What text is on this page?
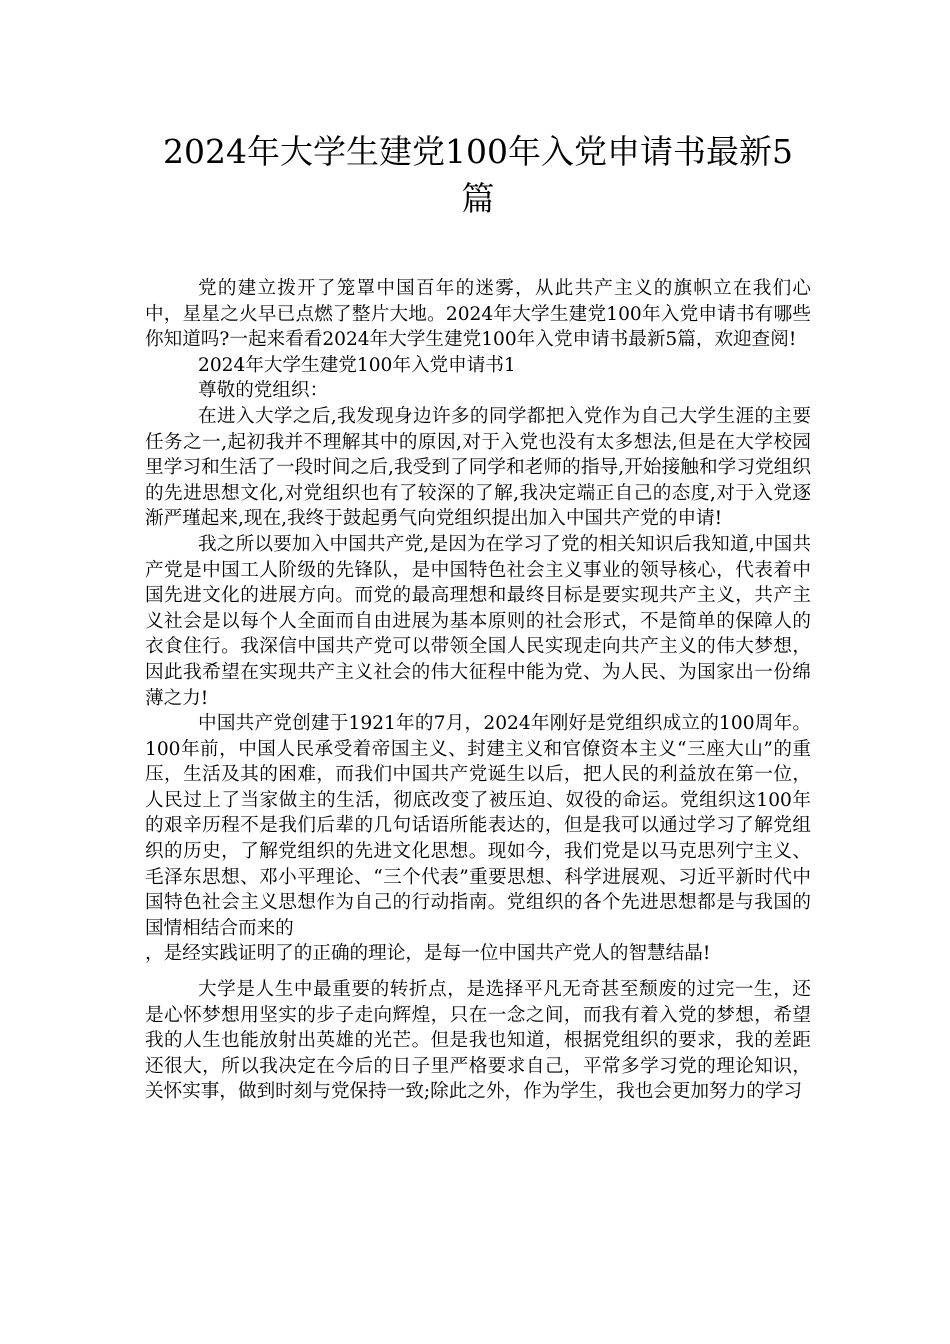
2024年大学生建党100年入党申请书最新5
篇

党的建立拨开了笼罩中国百年的迷雾，从此共产主义的旗帜立在我们心中，星星之火早已点燃了整片大地。2024年大学生建党100年入党申请书有哪些你知道吗?一起来看看2024年大学生建党100年入党申请书最新5篇，欢迎查阅!

2024年大学生建党100年入党申请书1

尊敬的党组织：

在进入大学之后,我发现身边许多的同学都把入党作为自己大学生涯的主要任务之一,起初我并不理解其中的原因,对于入党也没有太多想法,但是在大学校园里学习和生活了一段时间之后,我受到了同学和老师的指导,开始接触和学习党组织的先进思想文化,对党组织也有了较深的了解,我决定端正自己的态度,对于入党逐渐严瑾起来,现在,我终于鼓起勇气向党组织提出加入中国共产党的申请!

我之所以要加入中国共产党,是因为在学习了党的相关知识后我知道,中国共产党是中国工人阶级的先锋队，是中国特色社会主义事业的领导核心，代表着中国先进文化的进展方向。而党的最高理想和最终目标是要实现共产主义，共产主义社会是以每个人全面而自由进展为基本原则的社会形式，不是简单的保障人的衣食住行。我深信中国共产党可以带领全国人民实现走向共产主义的伟大梦想，因此我希望在实现共产主义社会的伟大征程中能为党、为人民、为国家出一份绵薄之力!

中国共产党创建于1921年的7月，2024年刚好是党组织成立的100周年。100年前，中国人民承受着帝国主义、封建主义和官僚资本主义“三座大山”的重压，生活及其的困难，而我们中国共产党诞生以后，把人民的利益放在第一位，人民过上了当家做主的生活，彻底改变了被压迫、奴役的命运。党组织这100年的艰辛历程不是我们后辈的几句话语所能表达的，但是我可以通过学习了解党组织的历史，了解党组织的先进文化思想。现如今，我们党是以马克思列宁主义、毛泽东思想、邓小平理论、“三个代表”重要思想、科学进展观、习近平新时代中国特色社会主义思想作为自己的行动指南。党组织的各个先进思想都是与我国的国情相结合而来的

，是经实践证明了的正确的理论，是每一位中国共产党人的智慧结晶!

大学是人生中最重要的转折点，是选择平凡无奇甚至颓废的过完一生，还是心怀梦想用坚实的步子走向辉煌，只在一念之间，而我有着入党的梦想，希望我的人生也能放射出英雄的光芒。但是我也知道，根据党组织的要求，我的差距还很大，所以我决定在今后的日子里严格要求自己，平常多学习党的理论知识，关怀实事，做到时刻与党保持一致;除此之外，作为学生，我也会更加努力的学习
